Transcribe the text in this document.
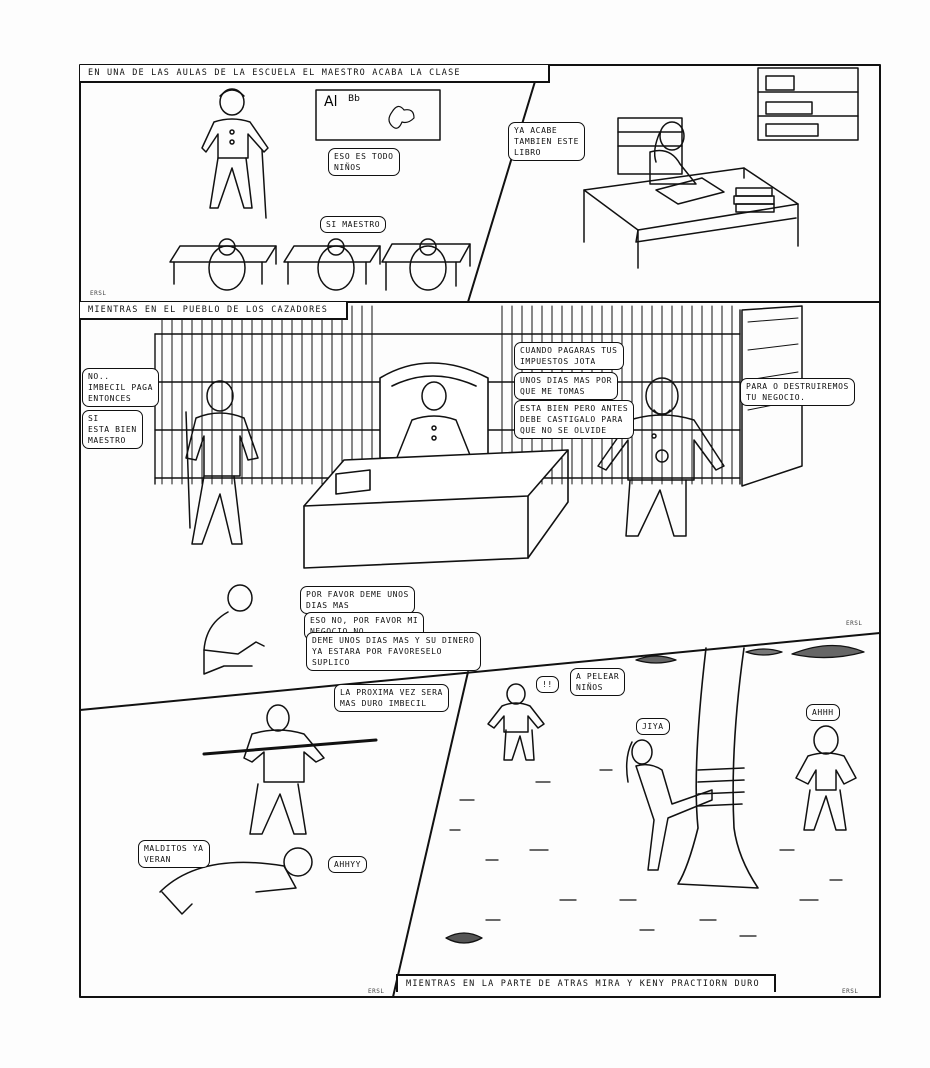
EN UNA DE LAS AULAS DE LA ESCUELA EL MAESTRO ACABA LA CLASE
MIENTRAS EN EL PUEBLO DE LOS CAZADORES
MIENTRAS EN LA PARTE DE ATRAS MIRA Y KENY PRACTIORN DURO
Al Bb
ESO ES TODO
NIÑOS
SI MAESTRO
YA ACABE
TAMBIEN ESTE
LIBRO
NO..
IMBECIL PAGA
ENTONCES
SI
ESTA BIEN
MAESTRO
CUANDO PAGARAS TUS
IMPUESTOS JOTA
UNOS DIAS MAS POR
QUE ME TOMAS
ESTA BIEN PERO ANTES
DEBE CASTIGALO PARA
QUE NO SE OLVIDE
PARA O DESTRUIREMOS
TU NEGOCIO.
POR FAVOR DEME UNOS
DIAS MAS
ESO NO, POR FAVOR MI

DEME UNOS DIAS MAS Y SU DINERO
YA ESTARA POR FAVORESELO
SUPLICO
LA PROXIMA VEZ SERA
MAS DURO IMBECIL
MALDITOS YA
VERAN
AHHYY
!!
A PELEAR
NIÑOS
JIYA
AHHH
ERSL
ERSL
ERSL	ERSL
